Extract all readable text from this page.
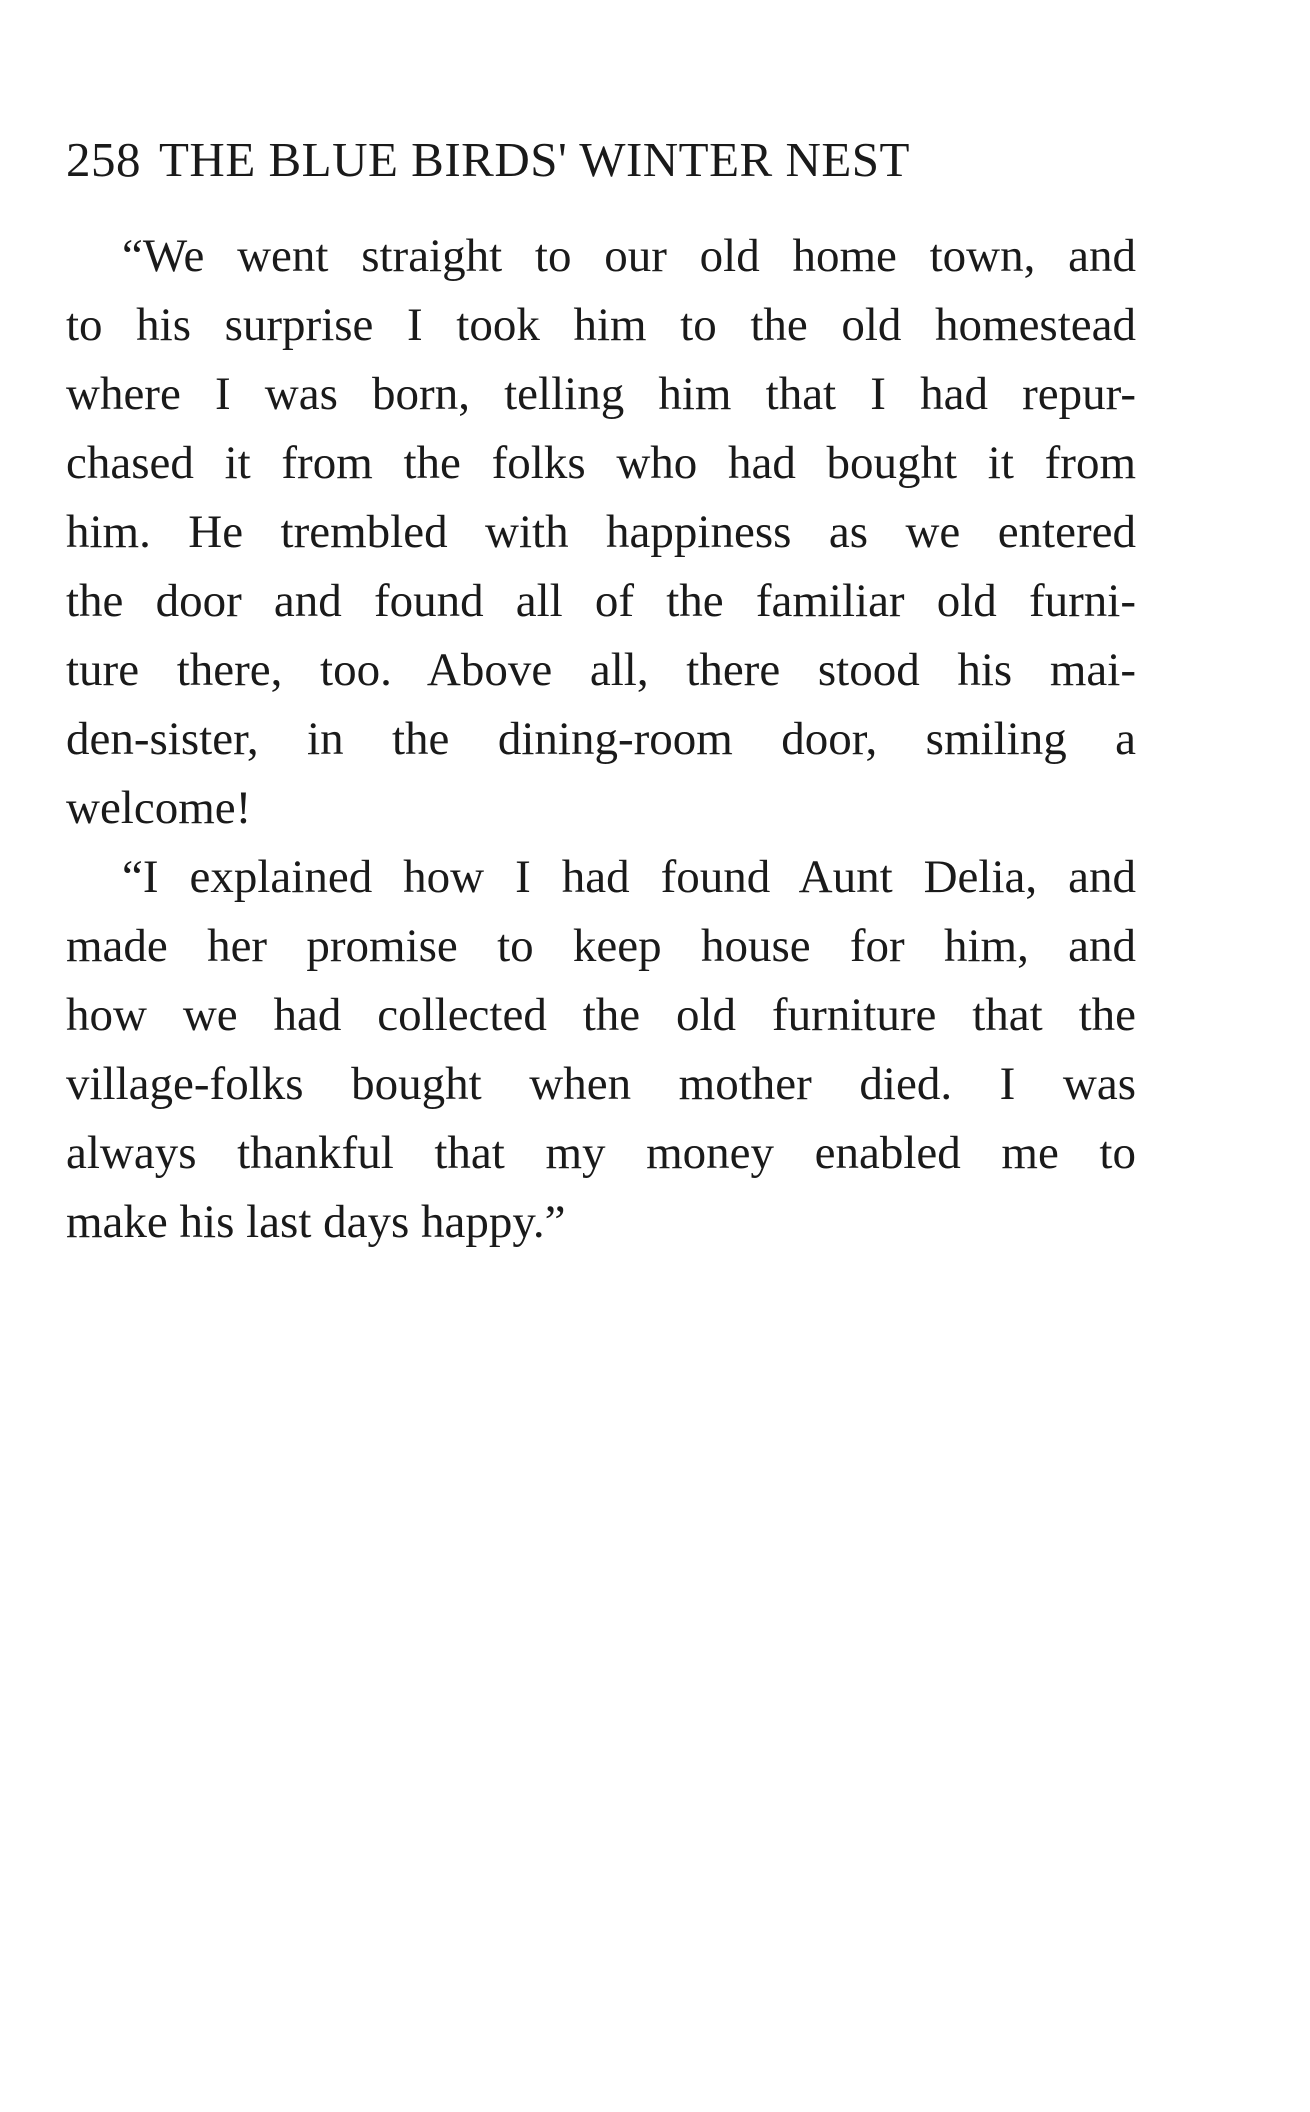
258 THE BLUE BIRDS' WINTER NEST
“We went straight to our old home town, and
to his surprise I took him to the old homestead
where I was born, telling him that I had repur-
chased it from the folks who had bought it from
him. He trembled with happiness as we entered
the door and found all of the familiar old furni-
ture there, too. Above all, there stood his mai-
den-sister, in the dining-room door, smiling a
welcome!
“I explained how I had found Aunt Delia, and
made her promise to keep house for him, and
how we had collected the old furniture that the
village-folks bought when mother died. I was
always thankful that my money enabled me to
make his last days happy.”
